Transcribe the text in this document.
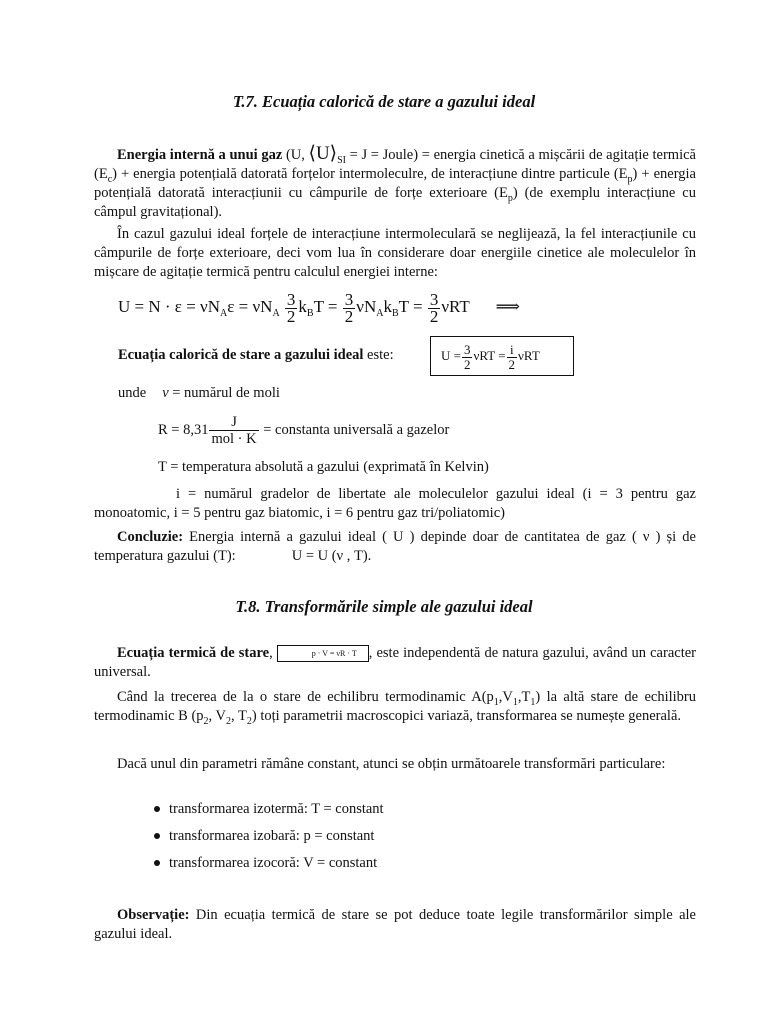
T.7. Ecuația calorică de stare a gazului ideal
Energia internă a unui gaz (U, $⟨U⟩_{SI} = J$ = Joule) = energia cinetică a mișcării de agitație termică $(E_c)$ + energia potențială datorată forțelor intermoleculre, de interacțiune dintre particule $(E_p)$ + energia potențială datorată interacțiunii cu câmpurile de forțe exterioare $(E_p)$ (de exemplu interacțiune cu câmpul gravitațional).
În cazul gazului ideal forțele de interacțiune intermoleculară se neglijează, la fel interacțiunile cu câmpurile de forțe exterioare, deci vom lua în considerare doar energiile cinetice ale moleculelor în mișcare de agitație termică pentru calculul energiei interne:
$U = N \cdot \varepsilon = \nu N_A\varepsilon = \nu N_A \frac{3}{2} k_BT = \frac{3}{2} \nu N_Ak_BT = \frac{3}{2}$ νRT ⟹
Ecuația calorică de stare a gazului ideal este:	$U = \frac{3}{2}$ $\nu RT = \frac{i}{2}$ νRT
unde ν = numărul de moli
$R = 8,31 \frac{J}{\text{mol · K}}$ = constanta universală a gazelor
T = temperatura absolută a gazului (exprimată în Kelvin)
i = numărul gradelor de libertate ale moleculelor gazului ideal (i = 3 pentru gaz monoatomic, i = 5 pentru gaz biatomic, i = 6 pentru gaz tri/poliatomic)
Concluzie: Energia internă a gazului ideal ( U ) depinde doar de cantitatea de gaz ( ν ) și de temperatura gazului (T):	U = U (ν , T).
T.8. Transformările simple ale gazului ideal
Ecuația termică de stare,	p · V = νR · T , este independentă de natura gazului, având un caracter universal.
Când la trecerea de la o stare de echilibru termodinamic $A(p_1,V_1,T_1)$ la altă stare de echilibru termodinamic B ($p_2$, $V_2$, $T_2$) toți parametrii macroscopici variază, transformarea se numește generală.
Dacă unul din parametri rămâne constant, atunci se obțin următoarele transformări particulare:
transformarea izotermă: T = constant
transformarea izobară: p = constant
transformarea izocoră: V = constant
Observație: Din ecuația termică de stare se pot deduce toate legile transformărilor simple ale gazului ideal.
